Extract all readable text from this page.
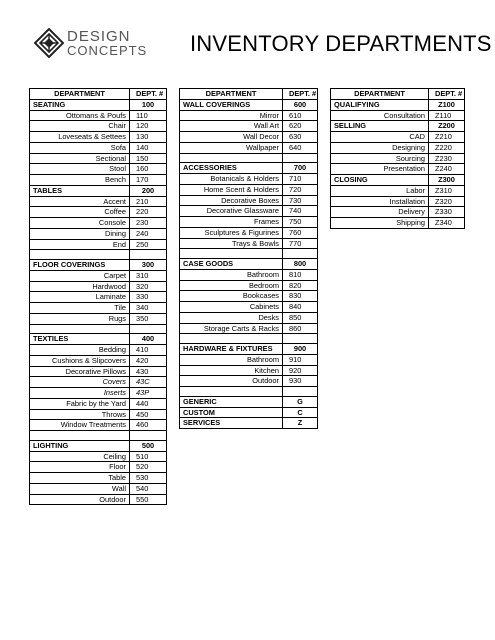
DESIGN
CONCEPTS INVENTORY DEPARTMENTS
DEPARTMENT	DEPT. #
SEATING	100
Ottomans & Poufs	110
Chair	120
Loveseats & Settees	130
Sofa	140
Sectional	150
Stool	160
Bench	170
TABLES	200
Accent	210
Coffee	220
Console	230
Dining	240
End	250

FLOOR COVERINGS	300
Carpet	310
Hardwood	320
Laminate	330
Tile	340
Rugs	350

TEXTILES	400
Bedding	410
Cushions & Slipcovers	420
Decorative Pillows	430
Covers	43C
Inserts	43P
Fabric by the Yard	440
Throws	450
Window Treatments	460

LIGHTING	500
Ceiling	510
Floor	520
Table	530
Wall	540
Outdoor	550
DEPARTMENT	DEPT. #
WALL COVERINGS	600
Mirror	610
Wall Art	620
Wall Decor	630
Wallpaper	640

ACCESSORIES	700
Botanicals & Holders	710
Home Scent & Holders	720
Decorative Boxes	730
Decorative Glassware	740
Frames	750
Sculptures & Figurines	760
Trays & Bowls	770

CASE GOODS	800
Bathroom	810
Bedroom	820
Bookcases	830
Cabinets	840
Desks	850
Storage Carts & Racks	860

HARDWARE & FIXTURES	900
Bathroom	910
Kitchen	920
Outdoor	930

GENERIC	G
CUSTOM	C
SERVICES	Z
DEPARTMENT	DEPT. #
QUALIFYING	Z100
Consultation	Z110
SELLING	Z200
CAD	Z210
Designing	Z220
Sourcing	Z230
Presentation	Z240
CLOSING	Z300
Labor	Z310
Installation	Z320
Delivery	Z330
Shipping	Z340
